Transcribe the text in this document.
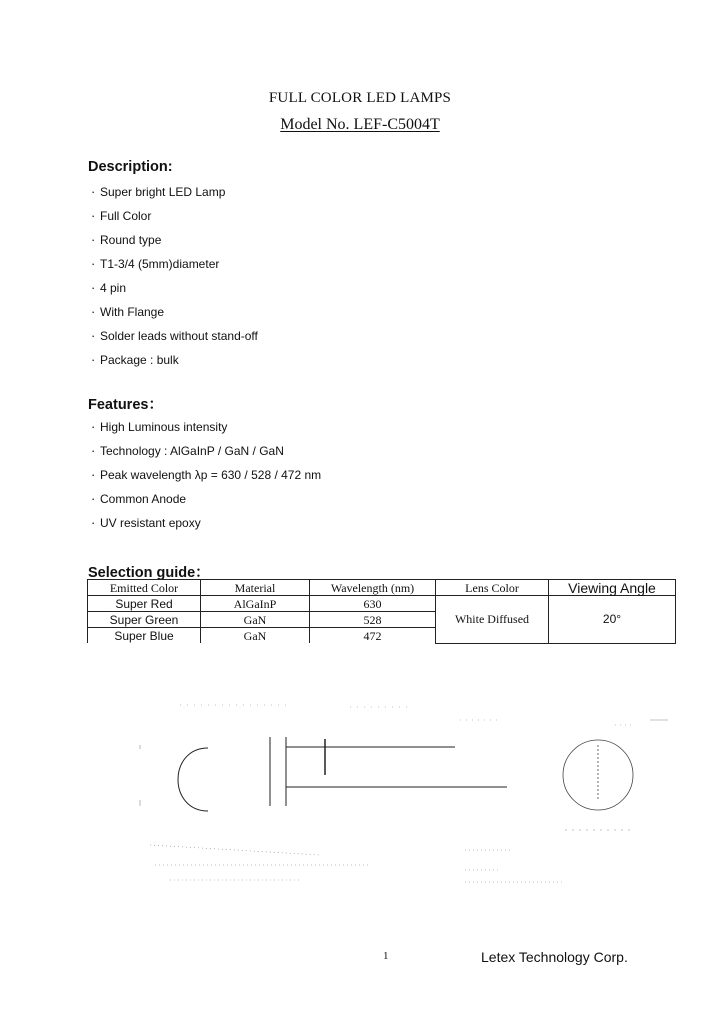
FULL COLOR LED LAMPS
Model No. LEF-C5004T
Description:
· Super bright LED Lamp
· Full Color
· Round type
· T1-3/4 (5mm)diameter
· 4 pin
· With Flange
· Solder leads without stand-off
· Package : bulk
Features：
· High Luminous intensity
· Technology : AlGaInP / GaN / GaN
· Peak wavelength λp = 630 / 528 / 472 nm
· Common Anode
· UV resistant epoxy
Selection guide：
Emitted Color	Material	Wavelength (nm)	Lens Color	Viewing Angle
Super Red	AlGaInP	630	White Diffused	20°
Super Green	GaN	528		
Super Blue	GaN	472		
1	Letex Technology Corp.
